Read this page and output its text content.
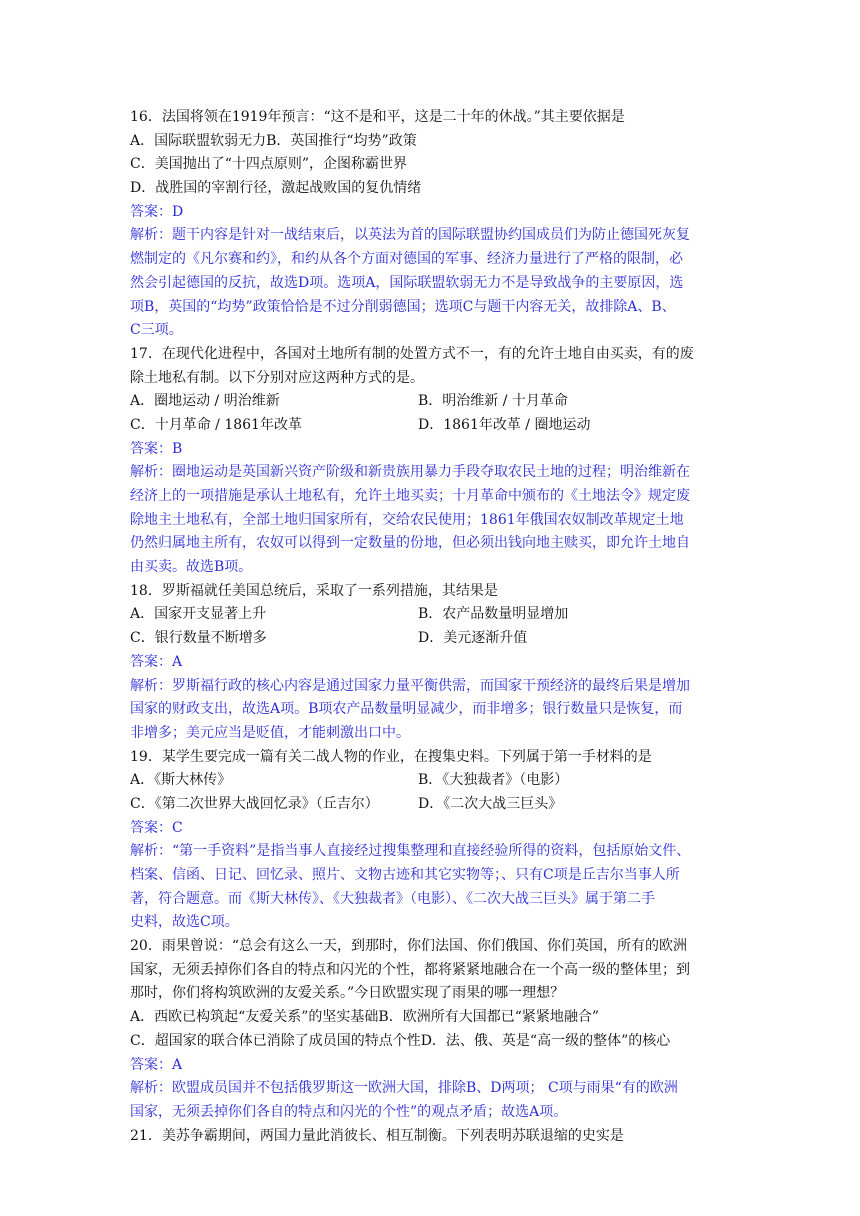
16．法国将领在1919年预言：“这不是和平，这是二十年的休战。”其主要依据是
A．国际联盟软弱无力B．英国推行“均势”政策
C．美国抛出了“十四点原则”，企图称霸世界
D．战胜国的宰割行径，激起战败国的复仇情绪
答案：D
解析：题干内容是针对一战结束后，以英法为首的国际联盟协约国成员们为防止德国死灰复
燃制定的《凡尔赛和约》，和约从各个方面对德国的军事、经济力量进行了严格的限制，必
然会引起德国的反抗，故选D项。选项A，国际联盟软弱无力不是导致战争的主要原因，选
项B，英国的“均势”政策恰恰是不过分削弱德国；选项C与题干内容无关，故排除A、B、
C三项。
17．在现代化进程中，各国对土地所有制的处置方式不一，有的允许土地自由买卖，有的废
除土地私有制。以下分别对应这两种方式的是。
A．圈地运动 / 明治维新	B．明治维新 / 十月革命
C．十月革命 / 1861年改革	D．1861年改革 / 圈地运动
答案：B
解析：圈地运动是英国新兴资产阶级和新贵族用暴力手段夺取农民土地的过程；明治维新在
经济上的一项措施是承认土地私有，允许土地买卖；十月革命中颁布的《土地法令》规定废
除地主土地私有，全部土地归国家所有，交给农民使用；1861年俄国农奴制改革规定土地
仍然归属地主所有，农奴可以得到一定数量的份地，但必须出钱向地主赎买，即允许土地自
由买卖。故选B项。
18．罗斯福就任美国总统后，采取了一系列措施，其结果是
A．国家开支显著上升	B．农产品数量明显增加
C．银行数量不断增多	D．美元逐渐升值
答案：A
解析：罗斯福行政的核心内容是通过国家力量平衡供需，而国家干预经济的最终后果是增加
国家的财政支出，故选A项。B项农产品数量明显减少，而非增多；银行数量只是恢复，而
非增多；美元应当是贬值，才能刺激出口中。
19．某学生要完成一篇有关二战人物的作业，在搜集史料。下列属于第一手材料的是
A．《斯大林传》	B．《大独裁者》（电影）
C．《第二次世界大战回忆录》（丘吉尔）	D．《二次大战三巨头》
答案：C
解析：“第一手资料”是指当事人直接经过搜集整理和直接经验所得的资料，包括原始文件、
档案、信函、日记、回忆录、照片、文物古迹和其它实物等；、只有C项是丘吉尔当事人所
著，符合题意。而《斯大林传》、《大独裁者》（电影）、《二次大战三巨头》属于第二手
史料，故选C项。
20．雨果曾说：“总会有这么一天，到那时，你们法国、你们俄国、你们英国，所有的欧洲
国家，无须丢掉你们各自的特点和闪光的个性，都将紧紧地融合在一个高一级的整体里；到
那时，你们将构筑欧洲的友爱关系。”今日欧盟实现了雨果的哪一理想？
A．西欧已构筑起“友爱关系”的坚实基础B．欧洲所有大国都已“紧紧地融合”
C．超国家的联合体已消除了成员国的特点个性D．法、俄、英是“高一级的整体”的核心
答案：A
解析：欧盟成员国并不包括俄罗斯这一欧洲大国，排除B、D两项； C项与雨果“有的欧洲
国家，无须丢掉你们各自的特点和闪光的个性”的观点矛盾；故选A项。
21．美苏争霸期间，两国力量此消彼长、相互制衡。下列表明苏联退缩的史实是
